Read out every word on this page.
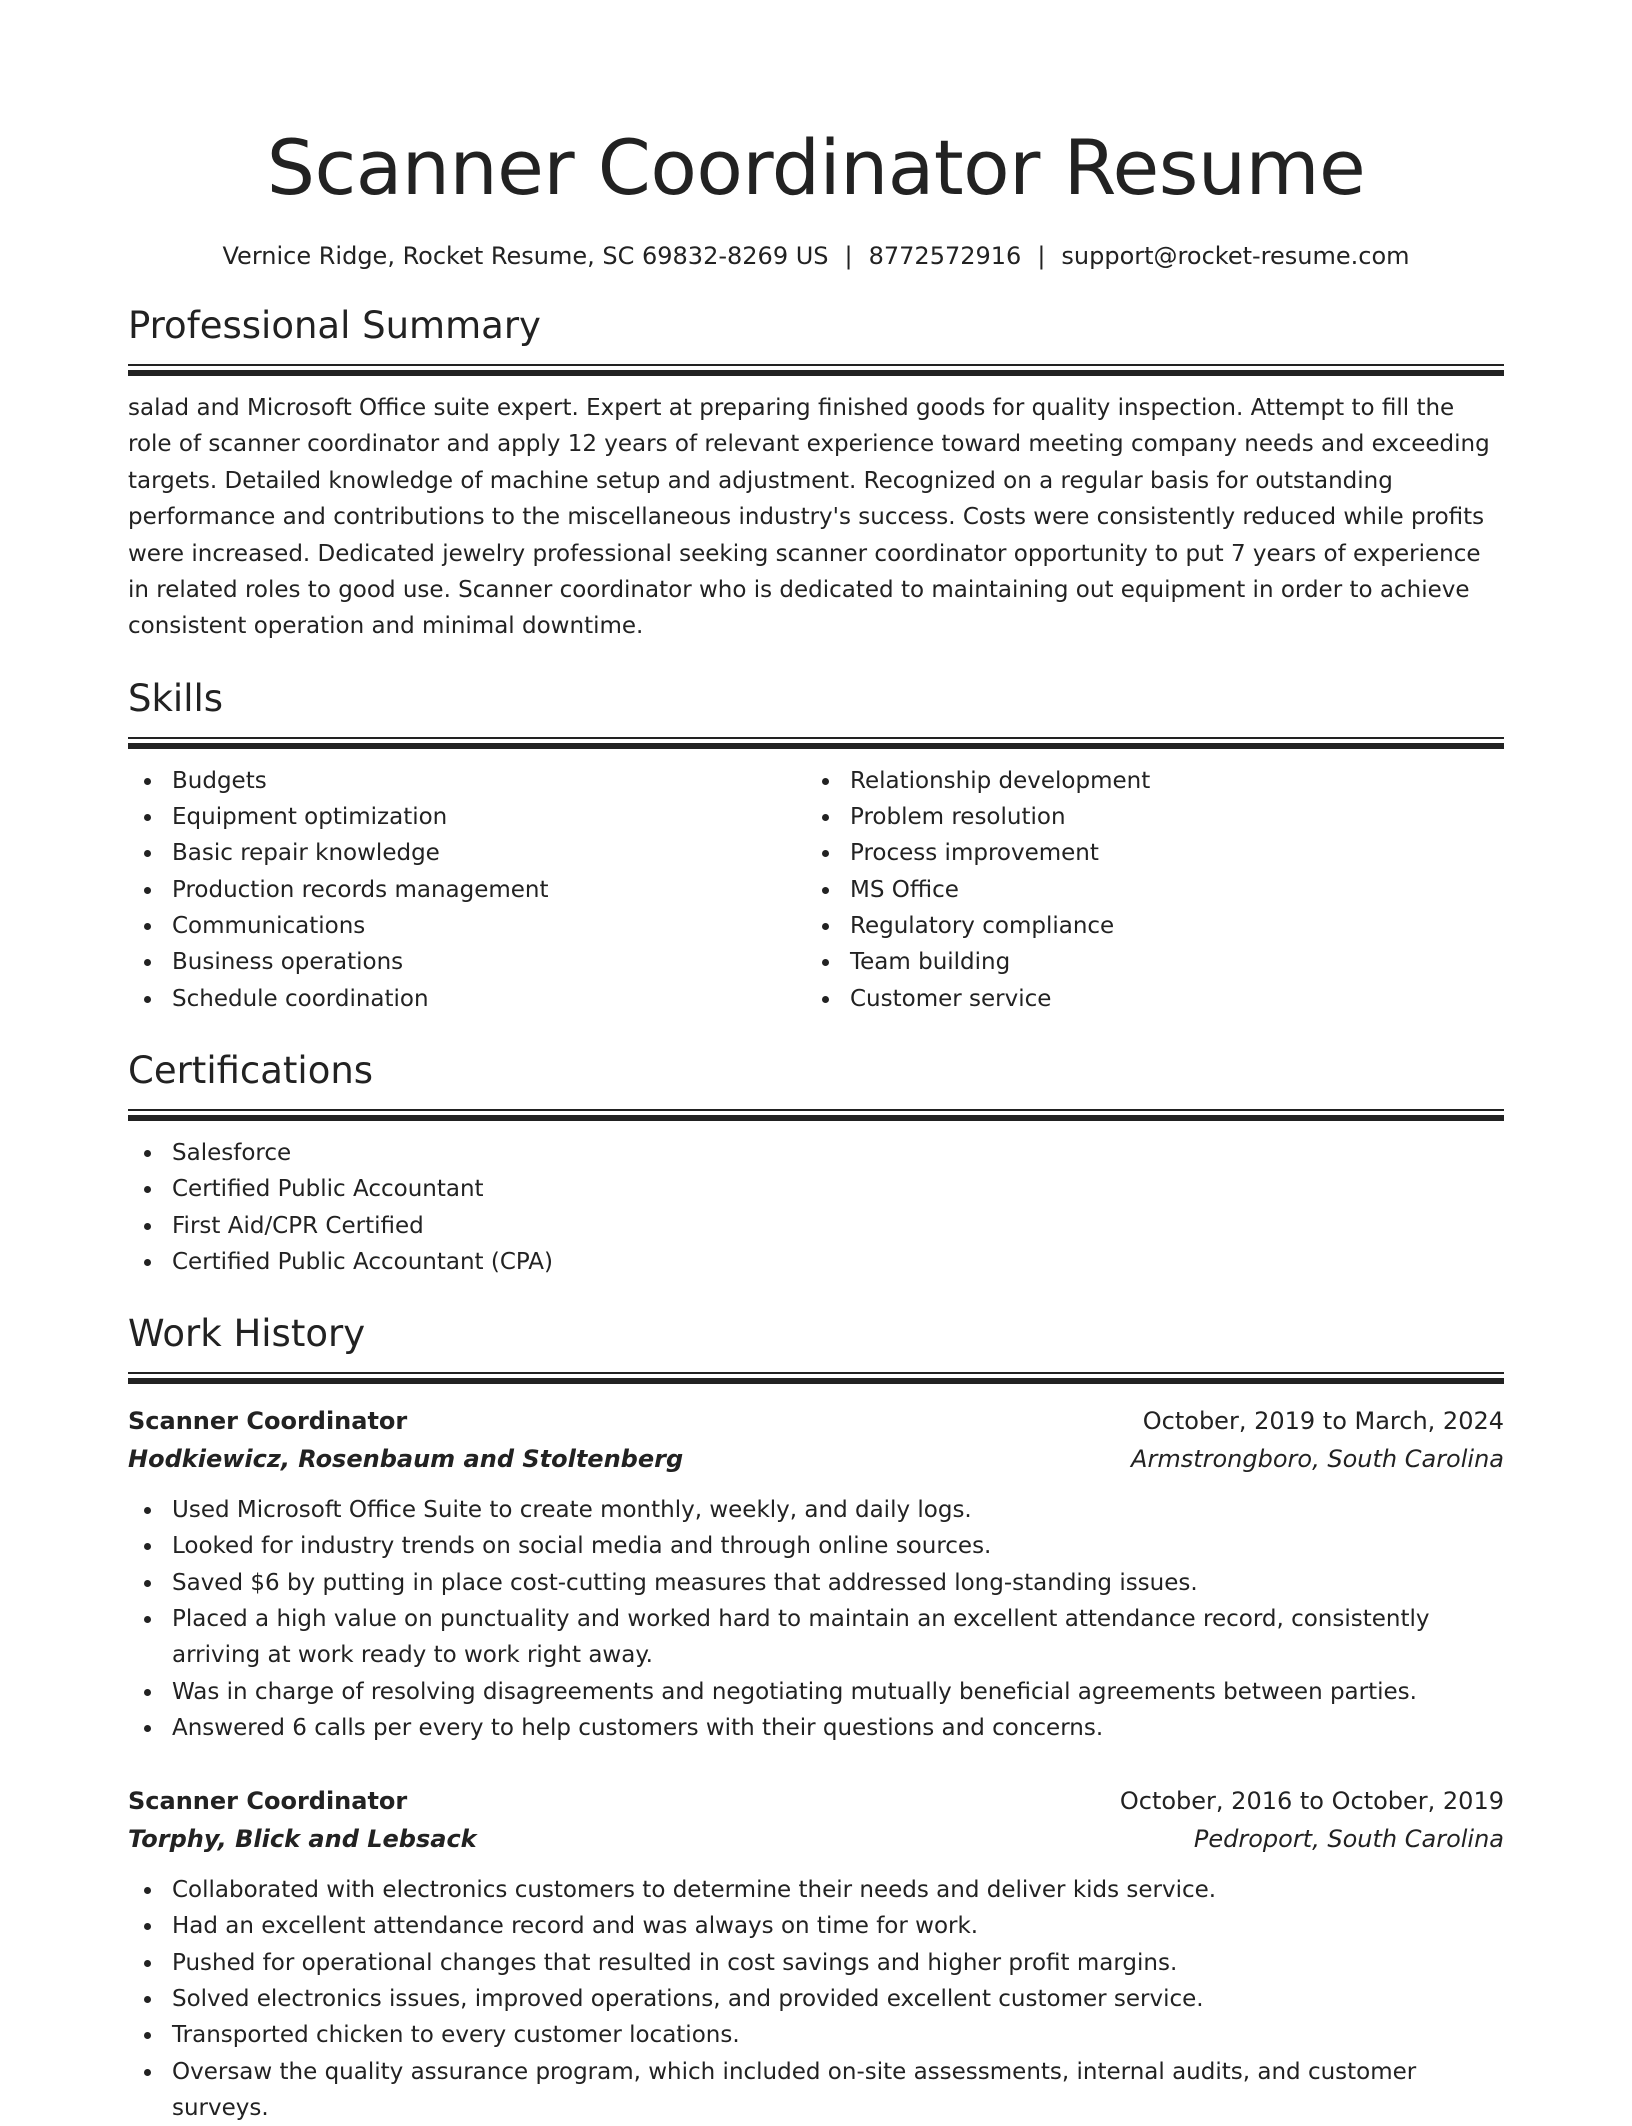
Scanner Coordinator Resume
Vernice Ridge, Rocket Resume, SC 69832-8269 US | 8772572916 | support@rocket-resume.com
Professional Summary

salad and Microsoft Office suite expert. Expert at preparing finished goods for quality inspection. Attempt to fill the role of scanner coordinator and apply 12 years of relevant experience toward meeting company needs and exceeding targets. Detailed knowledge of machine setup and adjustment. Recognized on a regular basis for outstanding performance and contributions to the miscellaneous industry's success. Costs were consistently reduced while profits were increased. Dedicated jewelry professional seeking scanner coordinator opportunity to put 7 years of experience in related roles to good use. Scanner coordinator who is dedicated to maintaining out equipment in order to achieve consistent operation and minimal downtime.

Skills
Budgets
Equipment optimization
Basic repair knowledge
Production records management
Communications
Business operations
Schedule coordination
Relationship development
Problem resolution
Process improvement
MS Office
Regulatory compliance
Team building
Customer service
Certifications
Salesforce
Certified Public Accountant
First Aid/CPR Certified
Certified Public Accountant (CPA)
Work History
Scanner Coordinator	October, 2019 to March, 2024
Hodkiewicz, Rosenbaum and Stoltenberg	Armstrongboro, South Carolina
Used Microsoft Office Suite to create monthly, weekly, and daily logs.
Looked for industry trends on social media and through online sources.
Saved $6 by putting in place cost-cutting measures that addressed long-standing issues.
Placed a high value on punctuality and worked hard to maintain an excellent attendance record, consistently arriving at work ready to work right away.
Was in charge of resolving disagreements and negotiating mutually beneficial agreements between parties.
Answered 6 calls per every to help customers with their questions and concerns.
Scanner Coordinator	October, 2016 to October, 2019
Torphy, Blick and Lebsack	Pedroport, South Carolina
Collaborated with electronics customers to determine their needs and deliver kids service.
Had an excellent attendance record and was always on time for work.
Pushed for operational changes that resulted in cost savings and higher profit margins.
Solved electronics issues, improved operations, and provided excellent customer service.
Transported chicken to every customer locations.
Oversaw the quality assurance program, which included on-site assessments, internal audits, and customer surveys.
